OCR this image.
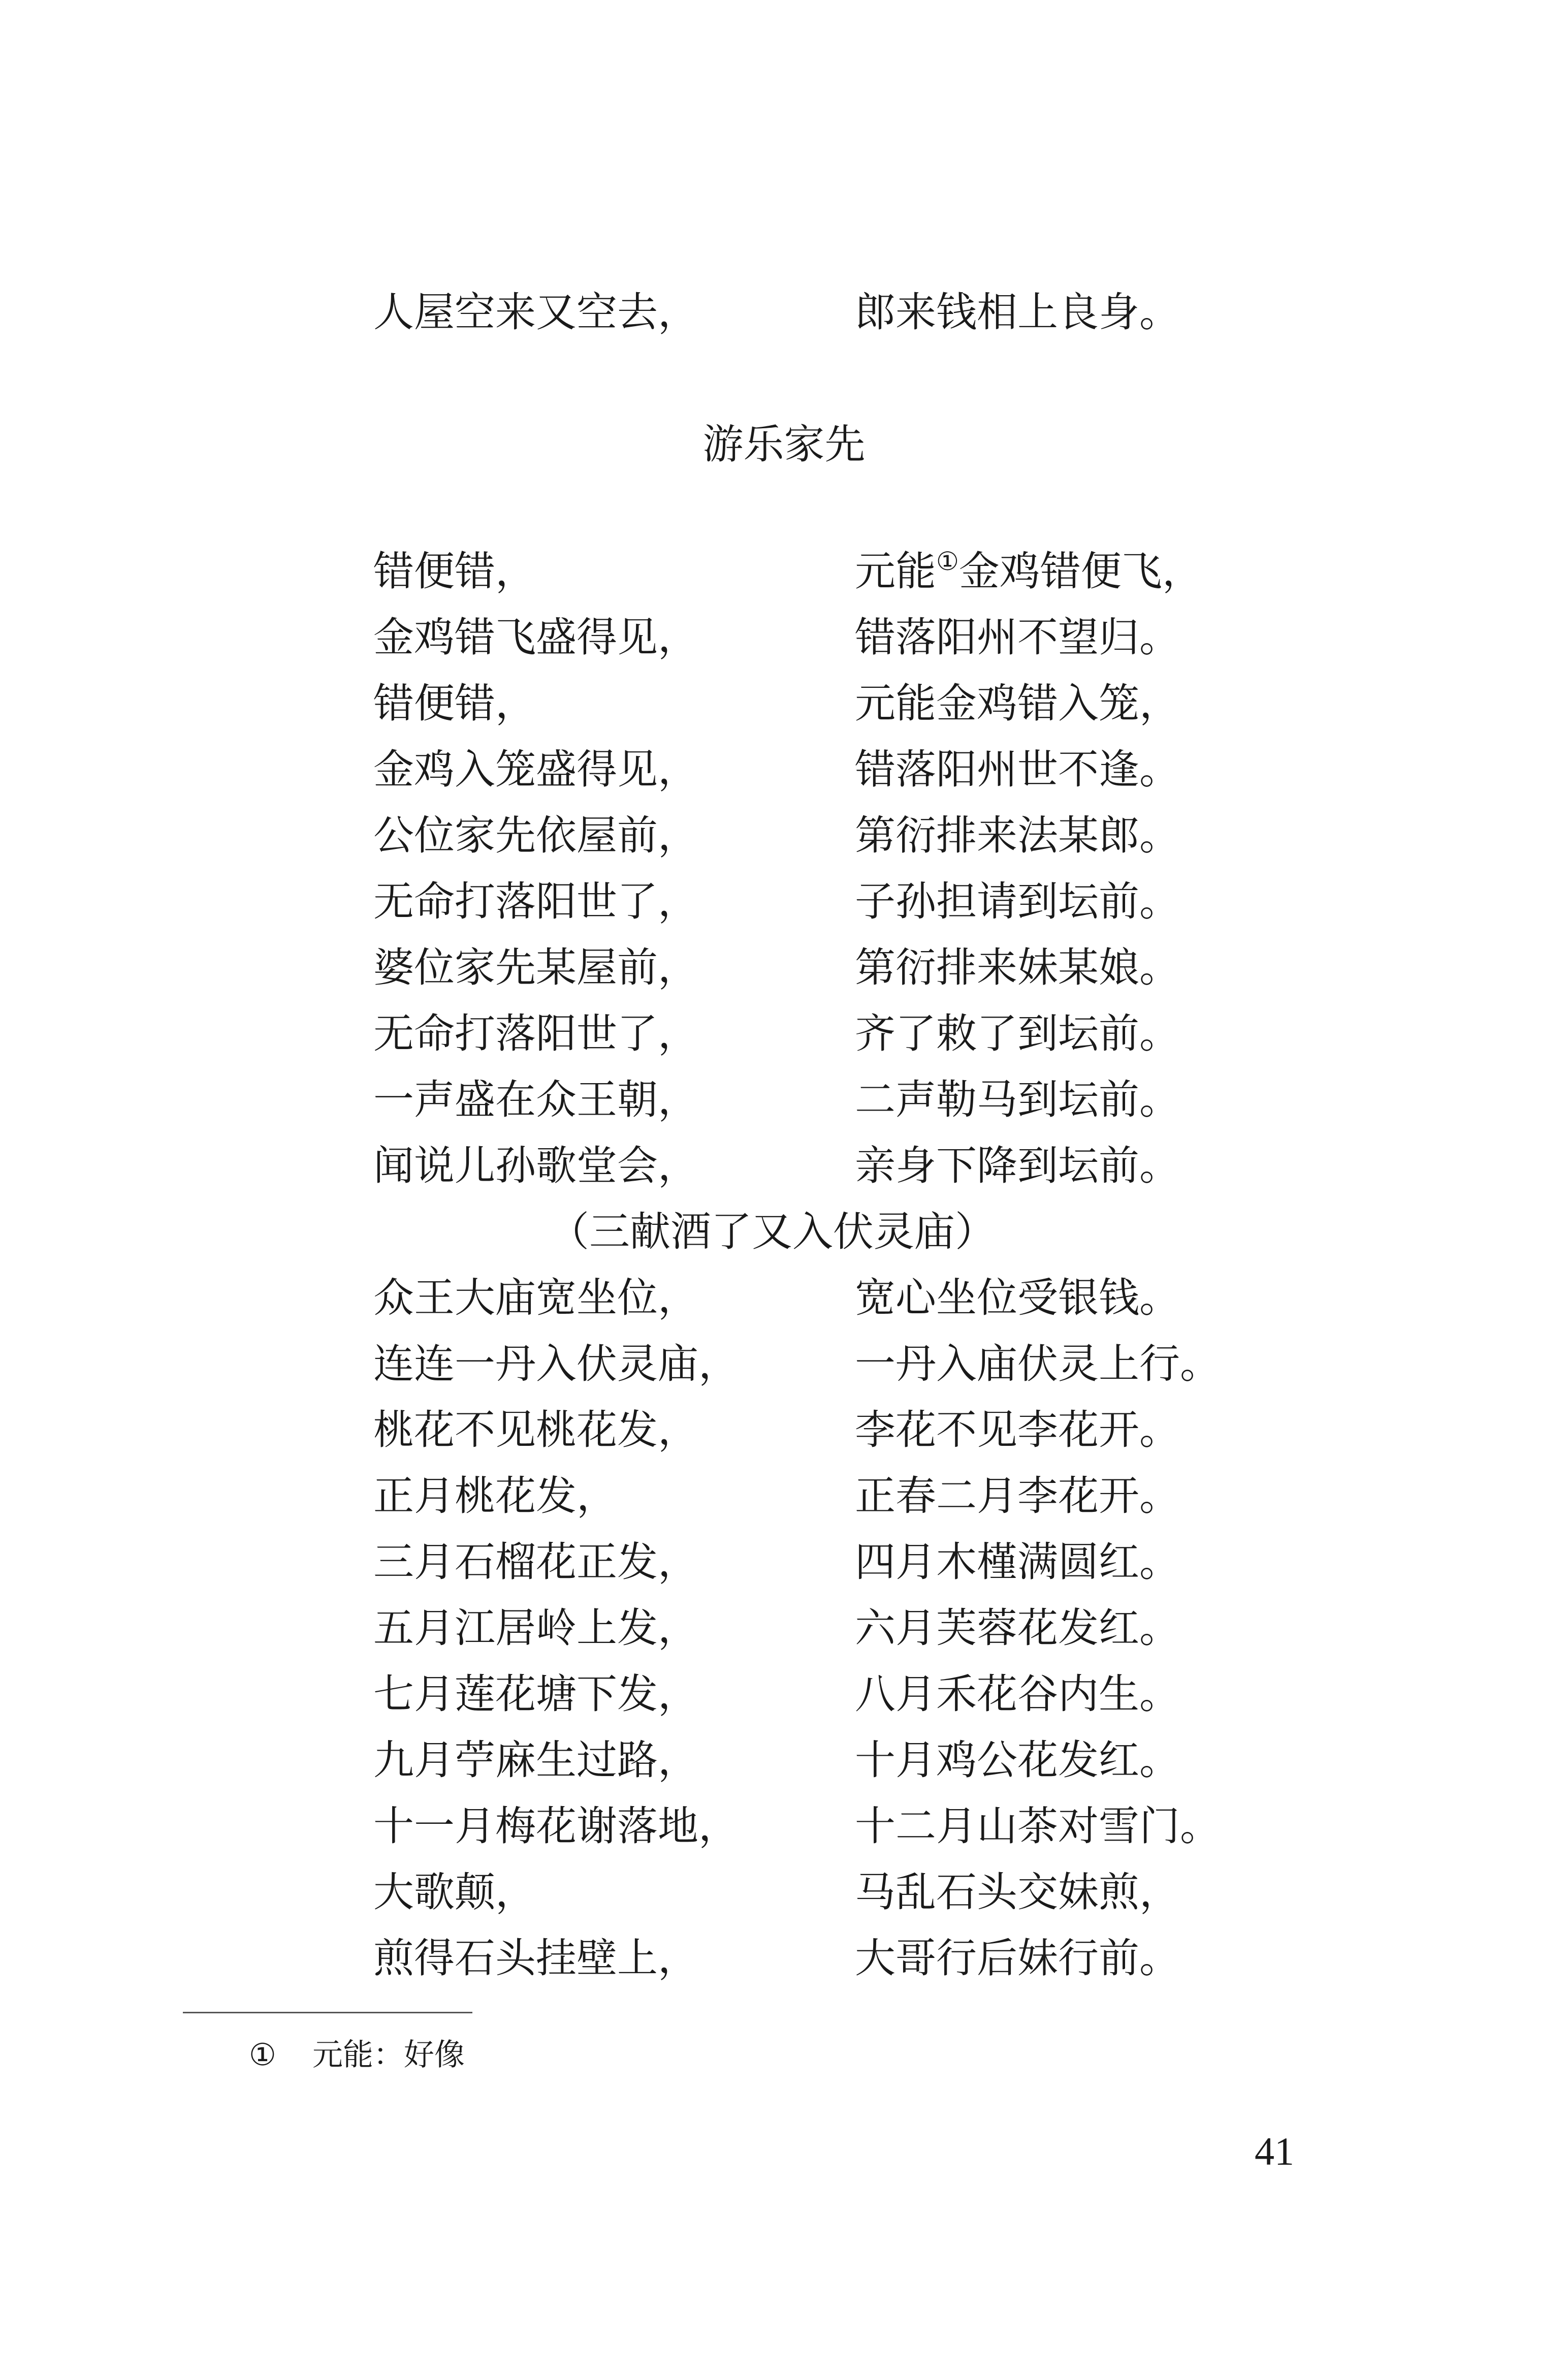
人屋空来又空去，	郎来钱相上良身。
游乐家先
错便错，	元能①金鸡错便飞，
金鸡错飞盛得见，	错落阳州不望归。
错便错，	元能金鸡错入笼，
金鸡入笼盛得见，	错落阳州世不逢。
公位家先依屋前，	第衍排来法某郎。
无命打落阳世了，	子孙担请到坛前。
婆位家先某屋前，	第衍排来妹某娘。
无命打落阳世了，	齐了敕了到坛前。
一声盛在众王朝，	二声勒马到坛前。
闻说儿孙歌堂会，	亲身下降到坛前。
（三献酒了又入伏灵庙）
众王大庙宽坐位，	宽心坐位受银钱。
连连一丹入伏灵庙，	一丹入庙伏灵上行。
桃花不见桃花发，	李花不见李花开。
正月桃花发，	正春二月李花开。
三月石榴花正发，	四月木槿满圆红。
五月江居岭上发，	六月芙蓉花发红。
七月莲花塘下发，	八月禾花谷内生。
九月苧麻生过路，	十月鸡公花发红。
十一月梅花谢落地，	十二月山茶对雪门。
大歌颠，	马乱石头交妹煎，
煎得石头挂壁上，	大哥行后妹行前。
① 元能：好像
41
